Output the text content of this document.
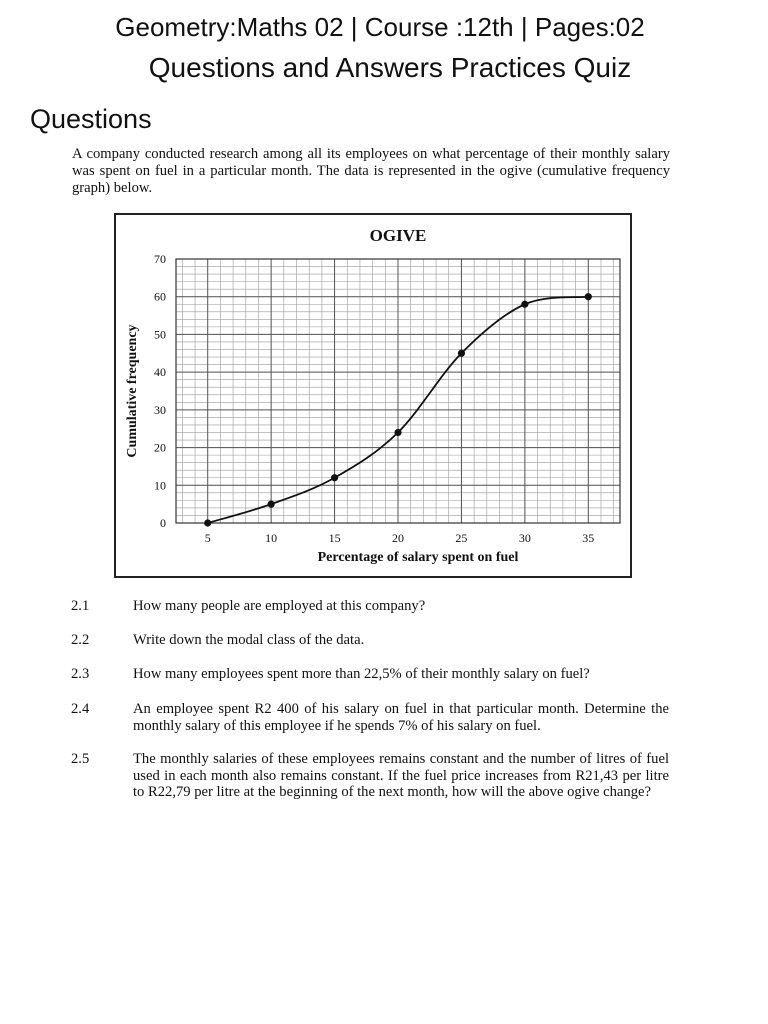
Geometry:Maths 02 | Course :12th | Pages:02
Questions and Answers Practices Quiz
Questions
A company conducted research among all its employees on what percentage of their monthly salary was spent on fuel in a particular month. The data is represented in the ogive (cumulative frequency graph) below.
OGIVE
5	10	15	20	25	30	35
0
10
20
30
40
50
60
70
Percentage of salary spent on fuel
Cumulative frequency
2.1	How many people are employed at this company?
2.2	Write down the modal class of the data.
2.3	How many employees spent more than 22,5% of their monthly salary on fuel?
2.4	An employee spent R2 400 of his salary on fuel in that particular month. Determine the monthly salary of this employee if he spends 7% of his salary on fuel.
2.5	The monthly salaries of these employees remains constant and the number of litres of fuel used in each month also remains constant. If the fuel price increases from R21,43 per litre to R22,79 per litre at the beginning of the next month, how will the above ogive change?
